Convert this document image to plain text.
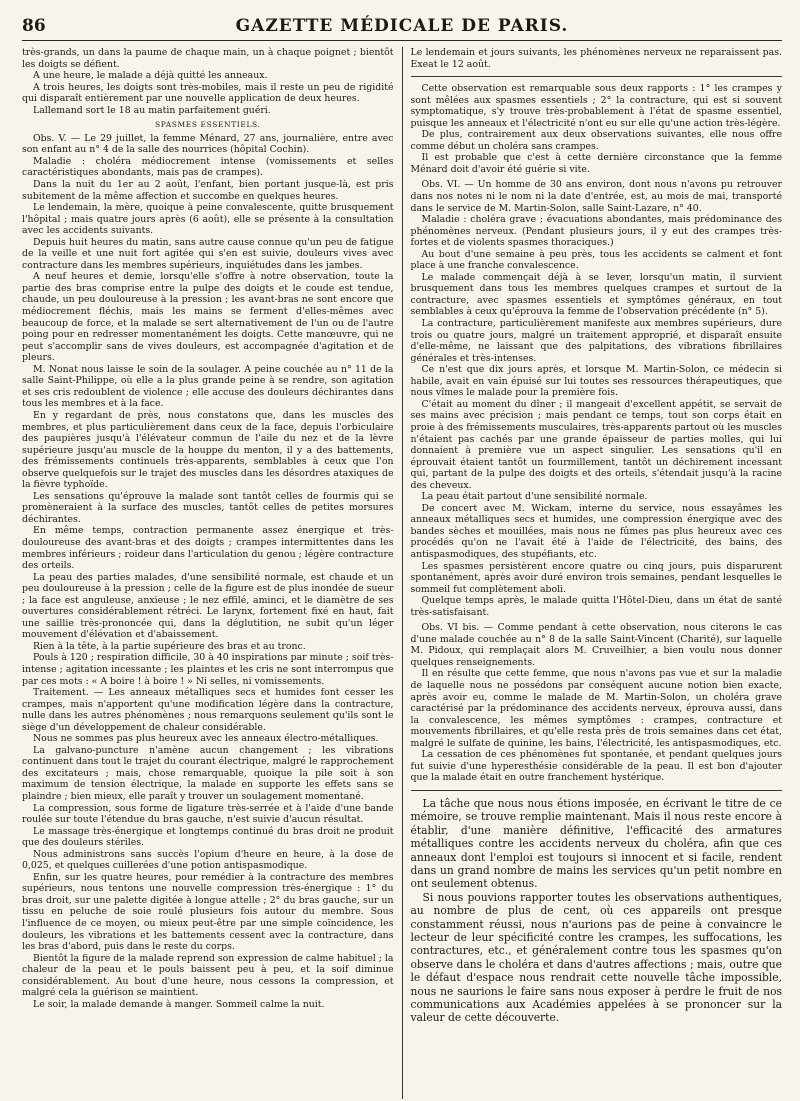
86	GAZETTE MÉDICALE DE PARIS.

très-grands, un dans la paume de chaque main, un à chaque poignet ; bientôt les doigts se défient.

A une heure, le malade a déjà quitté les anneaux.

A trois heures, les doigts sont très-mobiles, mais il reste un peu de rigidité qui disparaît entièrement par une nouvelle application de deux heures.

Lallemand sort le 18 au matin parfaitement guéri.

SPASMES ESSENTIELS.

Obs. V. — Le 29 juillet, la femme Ménard, 27 ans, journalière, entre avec son enfant au n° 4 de la salle des nourrices (hôpital Cochin).

Maladie : choléra médiocrement intense (vomissements et selles caractéristiques abondants, mais pas de crampes).

Dans la nuit du 1er au 2 août, l'enfant, bien portant jusque-là, est pris subitement de la même affection et succombe en quelques heures.

Le lendemain, la mère, quoique à peine convalescente, quitte brusquement l'hôpital ; mais quatre jours après (6 août), elle se présente à la consultation avec les accidents suivants.

Depuis huit heures du matin, sans autre cause connue qu'un peu de fatigue de la veille et une nuit fort agitée qui s'en est suivie, douleurs vives avec contracture dans les membres supérieurs, inquiétudes dans les jambes.

A neuf heures et demie, lorsqu'elle s'offre à notre observation, toute la partie des bras comprise entre la pulpe des doigts et le coude est tendue, chaude, un peu douloureuse à la pression ; les avant-bras ne sont encore que médiocrement fléchis, mais les mains se ferment d'elles-mêmes avec beaucoup de force, et la malade se sert alternativement de l'un ou de l'autre poing pour en redresser momentanément les doigts. Cette manœuvre, qui ne peut s'accomplir sans de vives douleurs, est accompagnée d'agitation et de pleurs.

M. Nonat nous laisse le soin de la soulager. A peine couchée au n° 11 de la salle Saint-Philippe, où elle a la plus grande peine à se rendre, son agitation et ses cris redoublent de violence ; elle accuse des douleurs déchirantes dans tous les membres et à la face.

En y regardant de près, nous constatons que, dans les muscles des membres, et plus particulièrement dans ceux de la face, depuis l'orbiculaire des paupières jusqu'à l'élévateur commun de l'aile du nez et de la lèvre supérieure jusqu'au muscle de la houppe du menton, il y a des battements, des frémissements continuels très-apparents, semblables à ceux que l'on observe quelquefois sur le trajet des muscles dans les désordres ataxiques de la fièvre typhoïde.

Les sensations qu'éprouve la malade sont tantôt celles de fourmis qui se promèneraient à la surface des muscles, tantôt celles de petites morsures déchirantes.

En même temps, contraction permanente assez énergique et très-douloureuse des avant-bras et des doigts ; crampes intermittentes dans les membres inférieurs ; roideur dans l'articulation du genou ; légère contracture des orteils.

La peau des parties malades, d'une sensibilité normale, est chaude et un peu douloureuse à la pression ; celle de la figure est de plus inondée de sueur ; la face est anguleuse, anxieuse ; le nez effilé, aminci, et le diamètre de ses ouvertures considérablement rétréci. Le larynx, fortement fixé en haut, fait une saillie très-prononcée qui, dans la déglutition, ne subit qu'un léger mouvement d'élévation et d'abaissement.

Rien à la tête, à la partie supérieure des bras et au tronc.

Pouls à 120 ; respiration difficile, 30 à 40 inspirations par minute ; soif très-intense ; agitation incessante ; les plaintes et les cris ne sont interrompus que par ces mots : « A boire ! à boire ! » Ni selles, ni vomissements.

Traitement. — Les anneaux métalliques secs et humides font cesser les crampes, mais n'apportent qu'une modification légère dans la contracture, nulle dans les autres phénomènes ; nous remarquons seulement qu'ils sont le siège d'un développement de chaleur considérable.

Nous ne sommes pas plus heureux avec les anneaux électro-métalliques.

La galvano-puncture n'amène aucun changement ; les vibrations continuent dans tout le trajet du courant électrique, malgré le rapprochement des excitateurs ; mais, chose remarquable, quoique la pile soit à son maximum de tension électrique, la malade en supporte les effets sans se plaindre ; bien mieux, elle paraît y trouver un soulagement momentané.

La compression, sous forme de ligature très-serrée et à l'aide d'une bande roulée sur toute l'étendue du bras gauche, n'est suivie d'aucun résultat.

Le massage très-énergique et longtemps continué du bras droit ne produit que des douleurs stériles.

Nous administrons sans succès l'opium d'heure en heure, à la dose de 0,025, et quelques cuillerées d'une potion antispasmodique.

Enfin, sur les quatre heures, pour remédier à la contracture des membres supérieurs, nous tentons une nouvelle compression très-énergique : 1° du bras droit, sur une palette digitée à longue attelle ; 2° du bras gauche, sur un tissu en peluche de soie roulé plusieurs fois autour du membre. Sous l'influence de ce moyen, ou mieux peut-être par une simple coïncidence, les douleurs, les vibrations et les battements cessent avec la contracture, dans les bras d'abord, puis dans le reste du corps.

Bientôt la figure de la malade reprend son expression de calme habituel ; la chaleur de la peau et le pouls baissent peu à peu, et la soif diminue considérablement. Au bout d'une heure, nous cessons la compression, et malgré cela la guérison se maintient.

Le soir, la malade demande à manger. Sommeil calme la nuit.

Le lendemain et jours suivants, les phénomènes nerveux ne reparaissent pas. Exeat le 12 août.

Cette observation est remarquable sous deux rapports : 1° les crampes y sont mêlées aux spasmes essentiels ; 2° la contracture, qui est si souvent symptomatique, s'y trouve très-probablement à l'état de spasme essentiel, puisque les anneaux et l'électricité n'ont eu sur elle qu'une action très-légère.

De plus, contrairement aux deux observations suivantes, elle nous offre comme début un choléra sans crampes.

Il est probable que c'est à cette dernière circonstance que la femme Ménard doit d'avoir été guérie si vite.

Obs. VI. — Un homme de 30 ans environ, dont nous n'avons pu retrouver dans nos notes ni le nom ni la date d'entrée, est, au mois de mai, transporté dans le service de M. Martin-Solon, salle Saint-Lazare, n° 40.

Maladie : choléra grave ; évacuations abondantes, mais prédominance des phénomènes nerveux. (Pendant plusieurs jours, il y eut des crampes très-fortes et de violents spasmes thoraciques.)

Au bout d'une semaine à peu près, tous les accidents se calment et font place à une franche convalescence.

Le malade commençait déjà à se lever, lorsqu'un matin, il survient brusquement dans tous les membres quelques crampes et surtout de la contracture, avec spasmes essentiels et symptômes généraux, en tout semblables à ceux qu'éprouva la femme de l'observation précédente (n° 5).

La contracture, particulièrement manifeste aux membres supérieurs, dure trois ou quatre jours, malgré un traitement approprié, et disparaît ensuite d'elle-même, ne laissant que des palpitations, des vibrations fibrillaires générales et très-intenses.

Ce n'est que dix jours après, et lorsque M. Martin-Solon, ce médecin si habile, avait en vain épuisé sur lui toutes ses ressources thérapeutiques, que nous vîmes le malade pour la première fois.

C'était au moment du dîner ; il mangeait d'excellent appétit, se servait de ses mains avec précision ; mais pendant ce temps, tout son corps était en proie à des frémissements musculaires, très-apparents partout où les muscles n'étaient pas cachés par une grande épaisseur de parties molles, qui lui donnaient à première vue un aspect singulier. Les sensations qu'il en éprouvait étaient tantôt un fourmillement, tantôt un déchirement incessant qui, partant de la pulpe des doigts et des orteils, s'étendait jusqu'à la racine des cheveux.

La peau était partout d'une sensibilité normale.

De concert avec M. Wickam, interne du service, nous essayâmes les anneaux métalliques secs et humides, une compression énergique avec des bandes sèches et mouillées, mais nous ne fûmes pas plus heureux avec ces procédés qu'on ne l'avait été à l'aide de l'électricité, des bains, des antispasmodiques, des stupéfiants, etc.

Les spasmes persistèrent encore quatre ou cinq jours, puis disparurent spontanément, après avoir duré environ trois semaines, pendant lesquelles le sommeil fut complètement aboli.

Quelque temps après, le malade quitta l'Hôtel-Dieu, dans un état de santé très-satisfaisant.

Obs. VI bis. — Comme pendant à cette observation, nous citerons le cas d'une malade couchée au n° 8 de la salle Saint-Vincent (Charité), sur laquelle M. Pidoux, qui remplaçait alors M. Cruveilhier, a bien voulu nous donner quelques renseignements.

Il en résulte que cette femme, que nous n'avons pas vue et sur la maladie de laquelle nous ne possédons par conséquent aucune notion bien exacte, après avoir eu, comme le malade de M. Martin-Solon, un choléra grave caractérisé par la prédominance des accidents nerveux, éprouva aussi, dans la convalescence, les mêmes symptômes : crampes, contracture et mouvements fibrillaires, et qu'elle resta près de trois semaines dans cet état, malgré le sulfate de quinine, les bains, l'électricité, les antispasmodiques, etc.

La cessation de ces phénomènes fut spontanée, et pendant quelques jours fut suivie d'une hyperesthésie considérable de la peau. Il est bon d'ajouter que la malade était en outre franchement hystérique.

La tâche que nous nous étions imposée, en écrivant le titre de ce mémoire, se trouve remplie maintenant. Mais il nous reste encore à établir, d'une manière définitive, l'efficacité des armatures métalliques contre les accidents nerveux du choléra, afin que ces anneaux dont l'emploi est toujours si innocent et si facile, rendent dans un grand nombre de mains les services qu'un petit nombre en ont seulement obtenus.

Si nous pouvions rapporter toutes les observations authentiques, au nombre de plus de cent, où ces appareils ont presque constamment réussi, nous n'aurions pas de peine à convaincre le lecteur de leur spécificité contre les crampes, les suffocations, les contractures, etc., et généralement contre tous les spasmes qu'on observe dans le choléra et dans d'autres affections ; mais, outre que le défaut d'espace nous rendrait cette nouvelle tâche impossible, nous ne saurions le faire sans nous exposer à perdre le fruit de nos communications aux Académies appelées à se prononcer sur la valeur de cette découverte.
